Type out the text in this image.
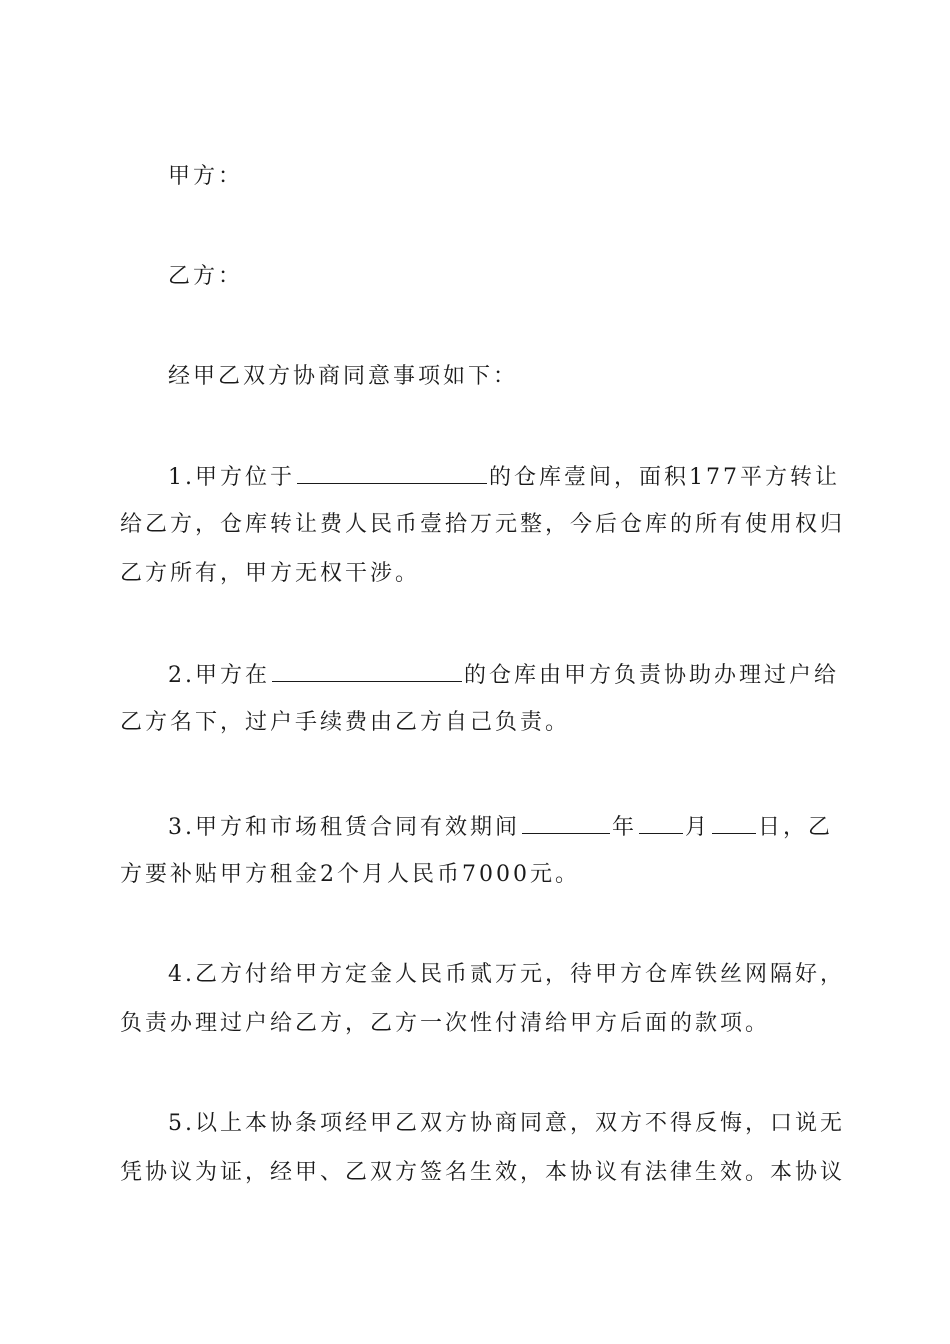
甲方：
乙方：
经甲乙双方协商同意事项如下：
1.甲方位于	的仓库壹间，面积177平方转让
给乙方，仓库转让费人民币壹拾万元整，今后仓库的所有使用权归
乙方所有，甲方无权干涉。
2.甲方在	的仓库由甲方负责协助办理过户给
乙方名下，过户手续费由乙方自己负责。
3.甲方和市场租赁合同有效期间	年 月 日，乙
方要补贴甲方租金2个月人民币7000元。
4.乙方付给甲方定金人民币贰万元，待甲方仓库铁丝网隔好，
负责办理过户给乙方，乙方一次性付清给甲方后面的款项。
5.以上本协条项经甲乙双方协商同意，双方不得反悔，口说无
凭协议为证，经甲、乙双方签名生效，本协议有法律生效。本协议
